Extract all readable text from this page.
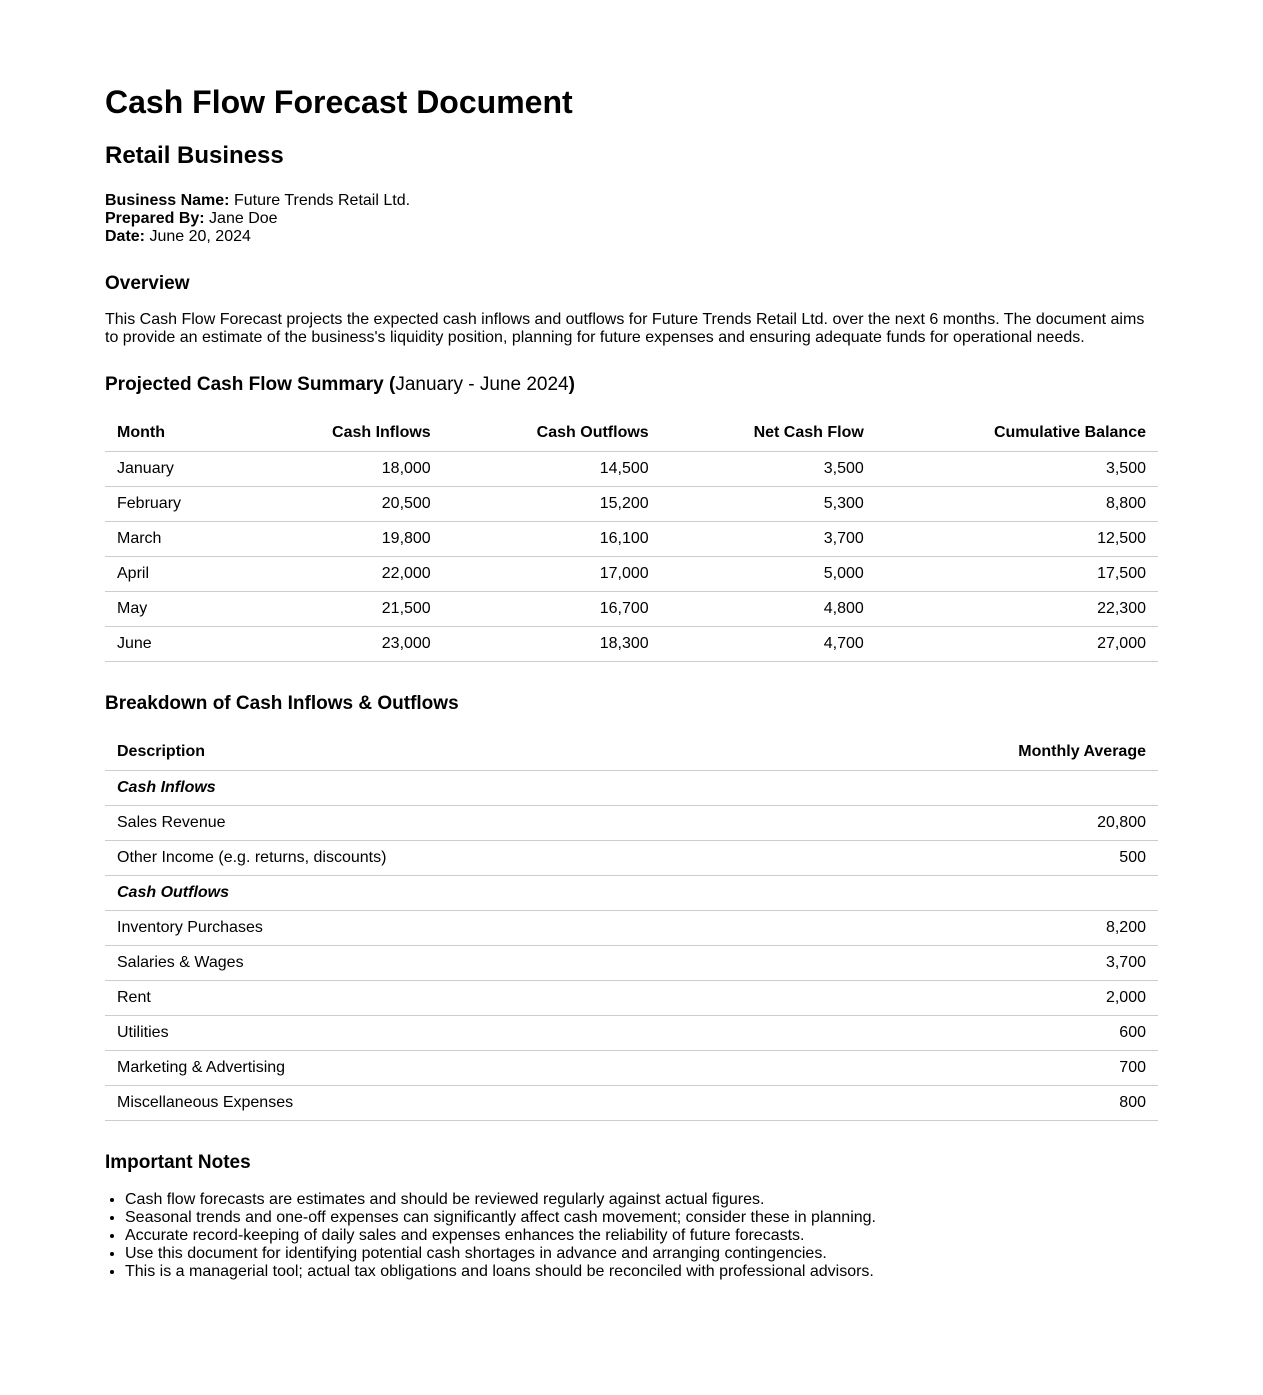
Cash Flow Forecast Document
Retail Business
Business Name: Future Trends Retail Ltd.
Prepared By: Jane Doe
Date: June 20, 2024
Overview
This Cash Flow Forecast projects the expected cash inflows and outflows for Future Trends Retail Ltd. over the next 6 months. The document aims to provide an estimate of the business's liquidity position, planning for future expenses and ensuring adequate funds for operational needs.
Projected Cash Flow Summary (January - June 2024)
Month	Cash Inflows	Cash Outflows	Net Cash Flow	Cumulative Balance
January	18,000	14,500	3,500	3,500
February	20,500	15,200	5,300	8,800
March	19,800	16,100	3,700	12,500
April	22,000	17,000	5,000	17,500
May	21,500	16,700	4,800	22,300
June	23,000	18,300	4,700	27,000
Breakdown of Cash Inflows & Outflows
Description	Monthly Average
Cash Inflows	
Sales Revenue	20,800
Other Income (e.g. returns, discounts)	500
Cash Outflows	
Inventory Purchases	8,200
Salaries & Wages	3,700
Rent	2,000
Utilities	600
Marketing & Advertising	700
Miscellaneous Expenses	800
Important Notes
• Cash flow forecasts are estimates and should be reviewed regularly against actual figures.
• Seasonal trends and one-off expenses can significantly affect cash movement; consider these in planning.
• Accurate record-keeping of daily sales and expenses enhances the reliability of future forecasts.
• Use this document for identifying potential cash shortages in advance and arranging contingencies.
• This is a managerial tool; actual tax obligations and loans should be reconciled with professional advisors.
